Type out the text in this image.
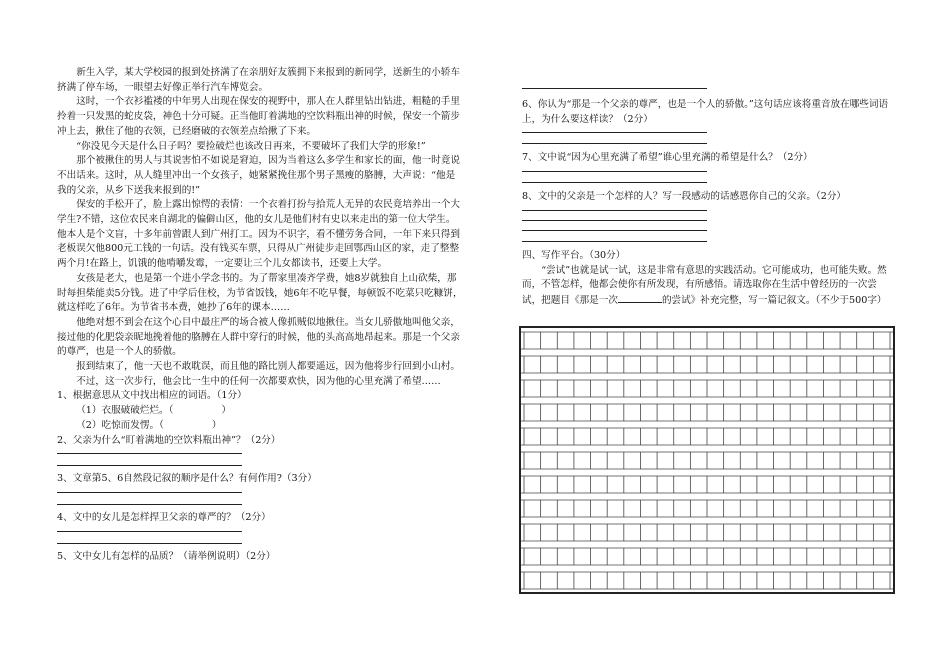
新生入学，某大学校园的报到处挤满了在亲朋好友簇拥下来报到的新同学，送新生的小轿车挤满了停车场，一眼望去好像正举行汽车博览会。

这时，一个衣衫褴褛的中年男人出现在保安的视野中，那人在人群里钻出钻进，粗糙的手里拎着一只发黑的蛇皮袋，神色十分可疑。正当他盯着满地的空饮料瓶出神的时候，保安一个箭步冲上去，揪住了他的衣领，已经磨破的衣领差点给揪了下来。

“你没见今天是什么日子吗？要捡破烂也该改日再来，不要破坏了我们大学的形象!”

那个被揪住的男人与其说害怕不如说是窘迫，因为当着这么多学生和家长的面，他一时竟说不出话来。这时，从人缝里冲出一个女孩子，她紧紧挽住那个男子黑瘦的胳膊，大声说：“他是我的父亲，从乡下送我来报到的!”

保安的手松开了，脸上露出惊愕的表情：一个衣着打扮与拾荒人无异的农民竟培养出一个大学生?不错，这位农民来自湖北的偏僻山区，他的女儿是他们村有史以来走出的第一位大学生。他本人是个文盲，十多年前曾跟人到广州打工。因为不识字，看不懂劳务合同，一年下来只得到老板误欠他800元工钱的一句话。没有钱买车票，只得从广州徒步走回鄂西山区的家，走了整整两个月!在路上，饥饿的他啃嚼发霉，一定要让三个儿女都读书，还要上大学。

女孩是老大，也是第一个进小学念书的。为了帮家里凑齐学费，她8岁就独自上山砍柴，那时每担柴能卖5分钱。进了中学后住校，为节省饭钱，她6年不吃早餐，每顿饭不吃菜只吃糠饼，就这样吃了6年。为节省书本费，她抄了6年的课本……

他绝对想不到会在这个心目中最庄严的场合被人像抓贼似地揪住。当女儿骄傲地叫他父亲，接过他的化肥袋亲昵地挽着他的胳膊在人群中穿行的时候，他的头高高地昂起来。那是一个父亲的尊严，也是一个人的骄傲。

报到结束了，他一天也不敢耽误，而且他的路比别人都要遥远，因为他将步行回到小山村。

不过，这一次步行，他会比一生中的任何一次都要欢快，因为他的心里充满了希望……

1、根据意思从文中找出相应的词语。（1分）

（1）衣服破破烂烂。（	）

（2）吃惊而发愣。（	）

2、父亲为什么“盯着满地的空饮料瓶出神”？（2分）

3、文章第5、6自然段记叙的顺序是什么？有何作用?（3分）

4、文中的女儿是怎样捍卫父亲的尊严的？（2分）

5、文中女儿有怎样的品质？（请举例说明）（2分）

6、你认为“那是一个父亲的尊严，也是一个人的骄傲。”这句话应该将重音放在哪些词语上，为什么要这样读？（2分）

7、文中说“因为心里充满了希望”谁心里充满的希望是什么？（2分）

8、文中的父亲是一个怎样的人？写一段感动的话感恩你自己的父亲。（2分）

四、写作平台。（30分）

“尝试”也就是试一试，这是非常有意思的实践活动。它可能成功，也可能失败。然而，不管怎样，他都会使你有所发现，有所感悟。请选取你在生活中曾经历的一次尝试，把题目《那是一次	的尝试》补充完整，写一篇记叙文。（不少于500字）
